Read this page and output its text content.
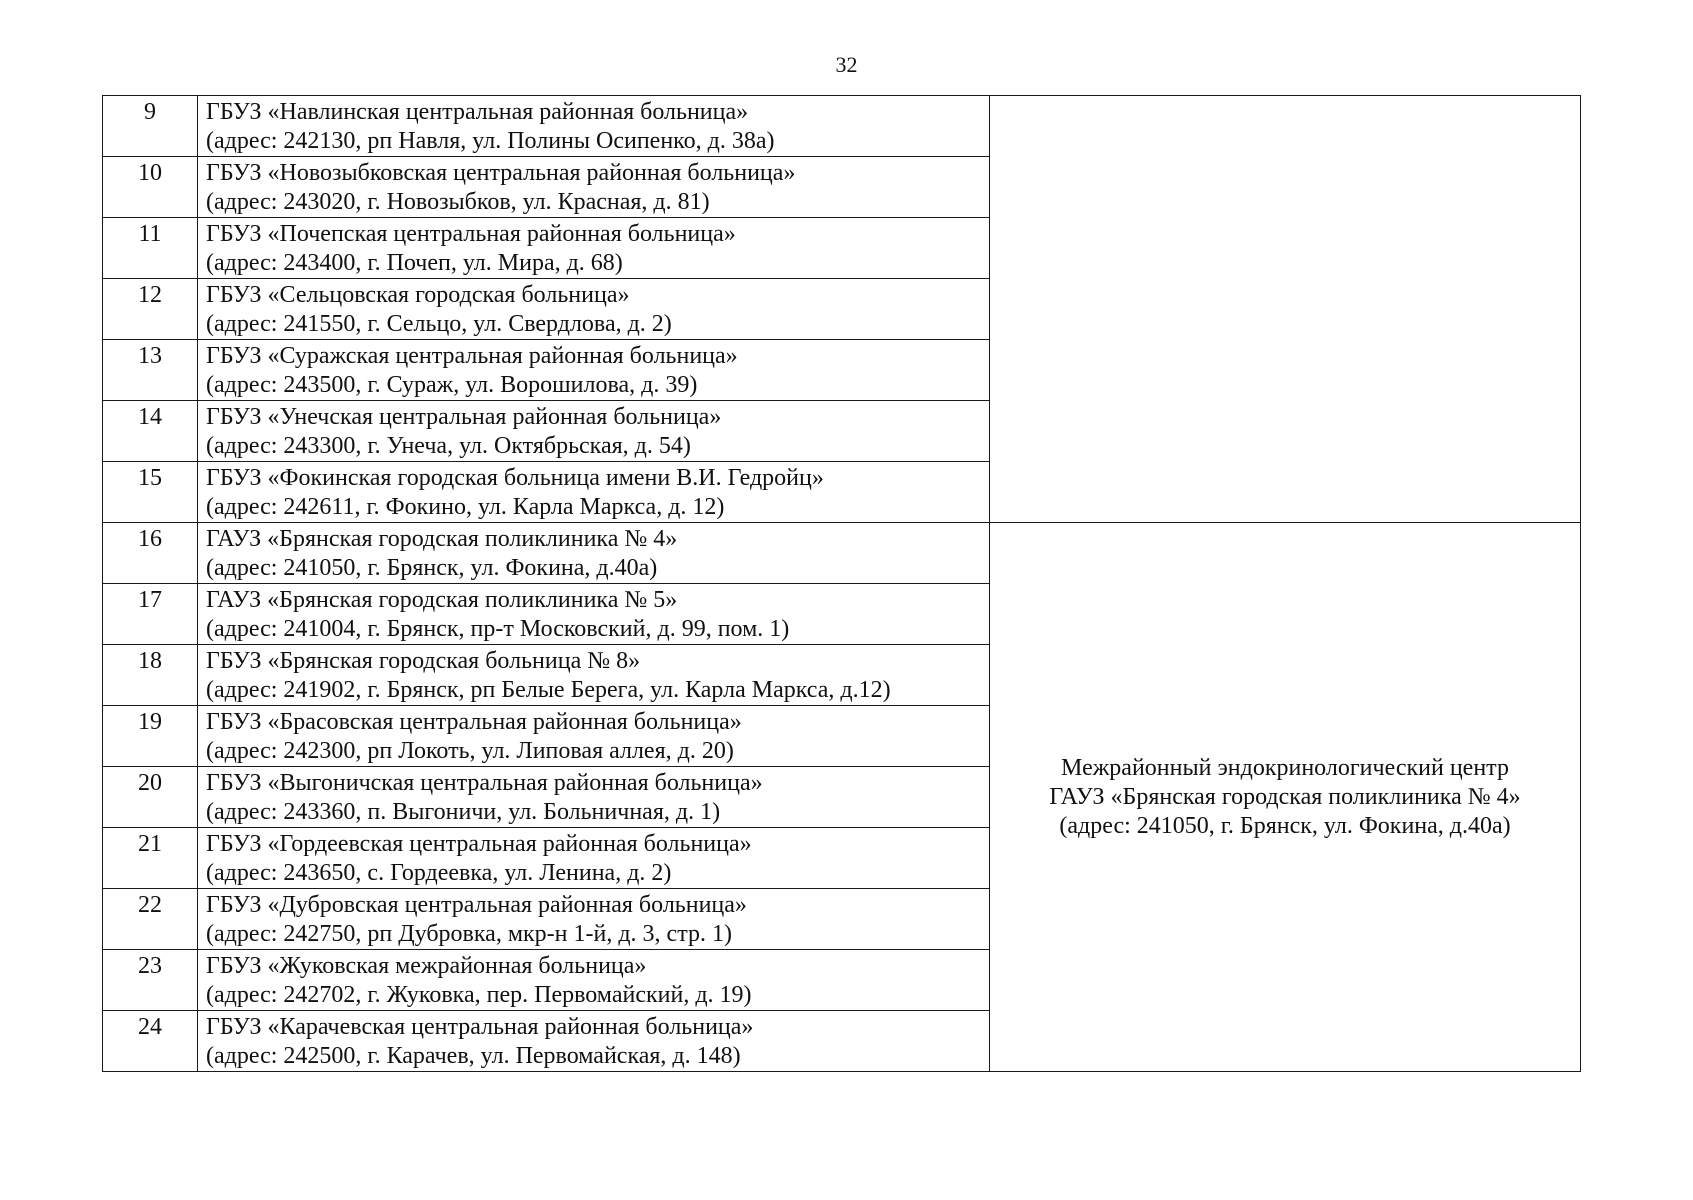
32
9	ГБУЗ «Навлинская центральная районная больница»
(адрес: 242130, рп Навля, ул. Полины Осипенко, д. 38а)	

10	ГБУЗ «Новозыбковская центральная районная больница»
(адрес: 243020, г. Новозыбков, ул. Красная, д. 81)	

11	ГБУЗ «Почепская центральная районная больница»
(адрес: 243400, г. Почеп, ул. Мира, д. 68)	

12	ГБУЗ «Сельцовская городская больница»
(адрес: 241550, г. Сельцо, ул. Свердлова, д. 2)	

13	ГБУЗ «Суражская центральная районная больница»
(адрес: 243500, г. Сураж, ул. Ворошилова, д. 39)	

14	ГБУЗ «Унечская центральная районная больница»
(адрес: 243300, г. Унеча, ул. Октябрьская, д. 54)	

15	ГБУЗ «Фокинская городская больница имени В.И. Гедройц»
(адрес: 242611, г. Фокино, ул. Карла Маркса, д. 12)	

16	ГАУЗ «Брянская городская поликлиника № 4»
(адрес: 241050, г. Брянск, ул. Фокина, д.40а)	Межрайонный эндокринологический центр
ГАУЗ «Брянская городская поликлиника № 4»
(адрес: 241050, г. Брянск, ул. Фокина, д.40а)

17	ГАУЗ «Брянская городская поликлиника № 5»
(адрес: 241004, г. Брянск, пр-т Московский, д. 99, пом. 1)	

18	ГБУЗ «Брянская городская больница № 8»
(адрес: 241902, г. Брянск, рп Белые Берега, ул. Карла Маркса, д.12)	

19	ГБУЗ «Брасовская центральная районная больница»
(адрес: 242300, рп Локоть, ул. Липовая аллея, д. 20)	

20	ГБУЗ «Выгоничская центральная районная больница»
(адрес: 243360, п. Выгоничи, ул. Больничная, д. 1)	

21	ГБУЗ «Гордеевская центральная районная больница»
(адрес: 243650, с. Гордеевка, ул. Ленина, д. 2)	

22	ГБУЗ «Дубровская центральная районная больница»
(адрес: 242750, рп Дубровка, мкр-н 1-й, д. 3, стр. 1)	

23	ГБУЗ «Жуковская межрайонная больница»
(адрес: 242702, г. Жуковка, пер. Первомайский, д. 19)	

24	ГБУЗ «Карачевская центральная районная больница»
(адрес: 242500, г. Карачев, ул. Первомайская, д. 148)	
